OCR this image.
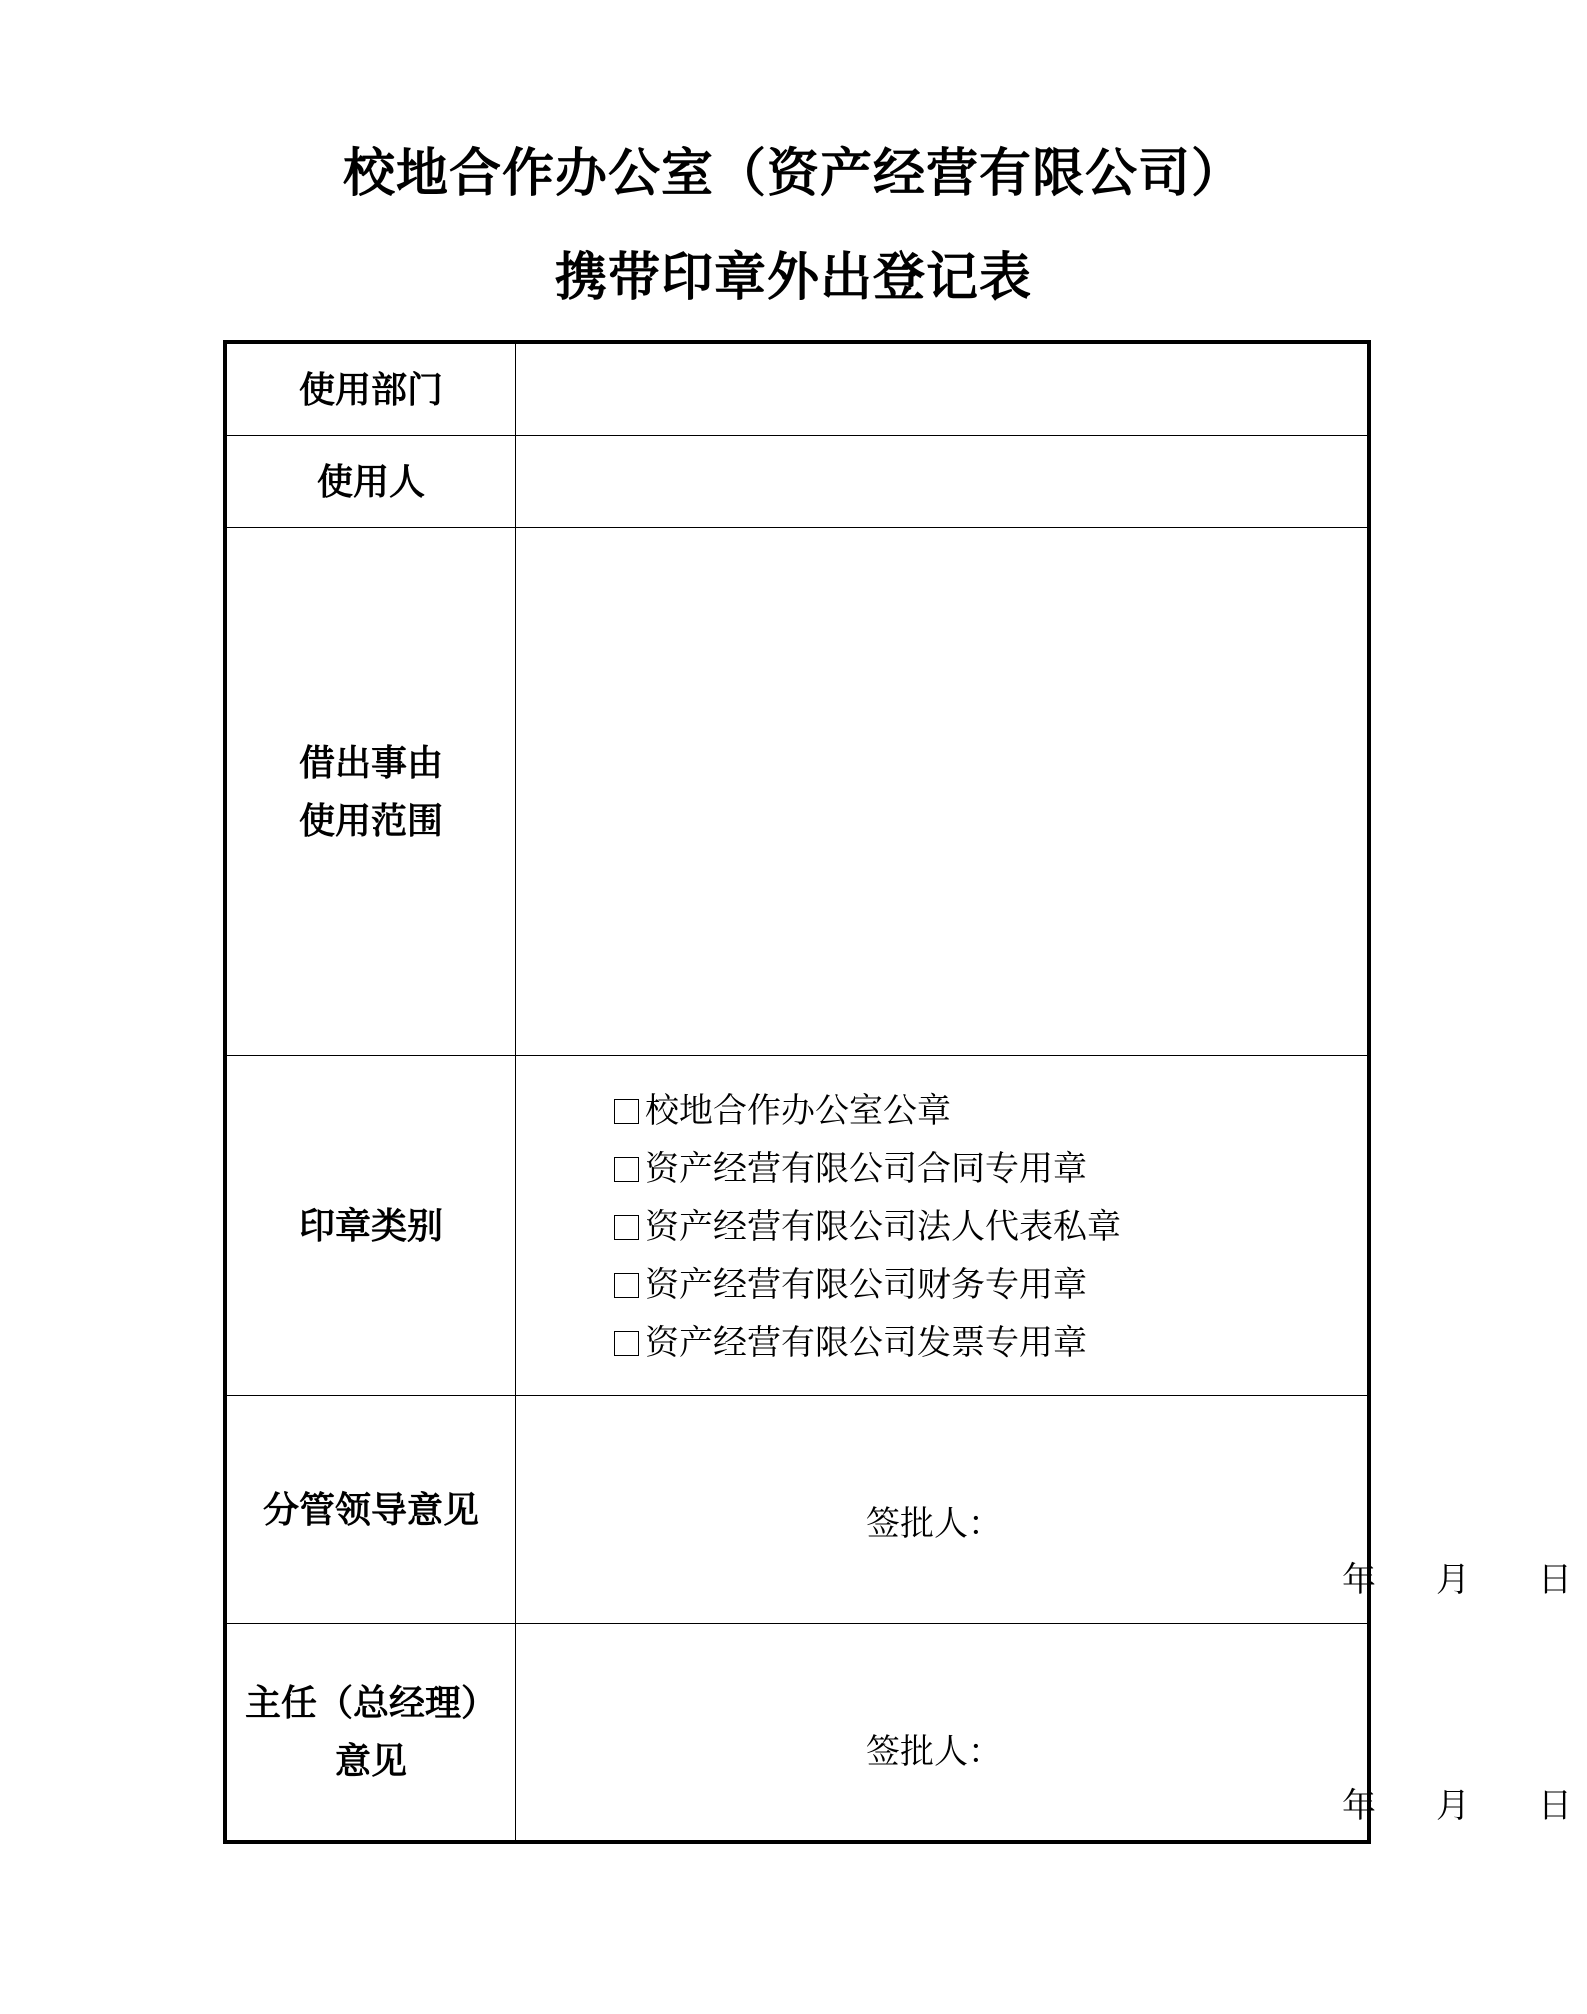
校地合作办公室（资产经营有限公司）
携带印章外出登记表
使用部门
使用人
借出事由
使用范围
印章类别
校地合作办公室公章
资产经营有限公司合同专用章
资产经营有限公司法人代表私章
资产经营有限公司财务专用章
资产经营有限公司发票专用章
分管领导意见	签批人：
年 月 日
主任（总经理）
意见	签批人：
年 月 日
